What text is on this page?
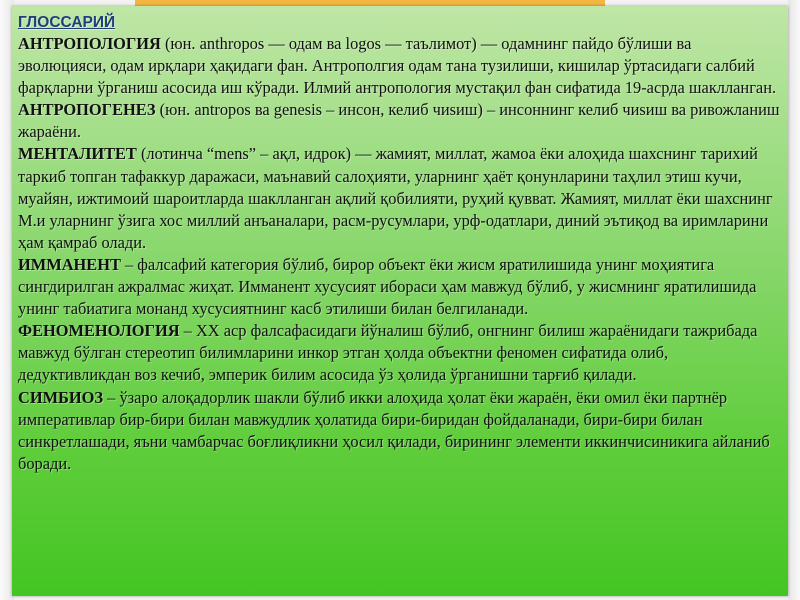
ГЛОССАРИЙ

АНТРОПОЛОГИЯ (юн. anthropos — одам ва logos — таълимот) — одамнинг пайдо бўлиши ва эволюцияси, одам ирқлари ҳақидаги фан. Антрополгия одам тана тузилиши, кишилар ўртасидаги салбий фарқларни ўрганиш асосида иш кўради. Илмий антропология мустақил фан сифатида 19-асрда шаклланган.

АНТРОПОГЕНЕЗ (юн. antropos ва genesis – инсон, келиб чиsиш) – инсоннинг келиб чиsиш ва ривожланиш жараёни.

МЕНТАЛИТЕТ (лотинча “mens” – ақл, идрок) — жамият, миллат, жамоа ёки алоҳида шахснинг тарихий таркиб топган тафаккур даражаси, маънавий салоҳияти, уларнинг ҳаёт қонунларини таҳлил этиш кучи, муайян, ижтимоий шароитларда шаклланган ақлий қобилияти, руҳий қувват. Жамият, миллат ёки шахснинг М.и уларнинг ўзига хос миллий анъаналари, расм-русумлари, урф-одатлари, диний эътиқод ва иримларини ҳам қамраб олади.

ИММАНЕНТ – фалсафий категория бўлиб, бирор объект ёки жисм яратилишида унинг моҳиятига сингдирилган ажралмас жиҳат. Имманент хусусият ибораси ҳам мавжуд бўлиб, у жисмнинг яратилишида унинг табиатига монанд хусусиятнинг касб этилиши билан белгиланади.

ФЕНОМЕНОЛОГИЯ – XX аср фалсафасидаги йўналиш бўлиб, онгнинг билиш жараёнидаги тажрибада мавжуд бўлган стереотип билимларини инкор этган ҳолда объектни феномен сифатида олиб, дедуктивликдан воз кечиб, эмперик билим асосида ўз ҳолида ўрганишни тарғиб қилади.

СИМБИОЗ – ўзаро алоқадорлик шакли бўлиб икки алоҳида ҳолат ёки жараён, ёки омил ёки партнёр императивлар бир-бири билан мавжудлик ҳолатида бири-биридан фойдаланади, бири-бири билан синкретлашади, яъни чамбарчас боғлиқликни ҳосил қилади, бирининг элементи иккинчисиникига айланиб боради.
